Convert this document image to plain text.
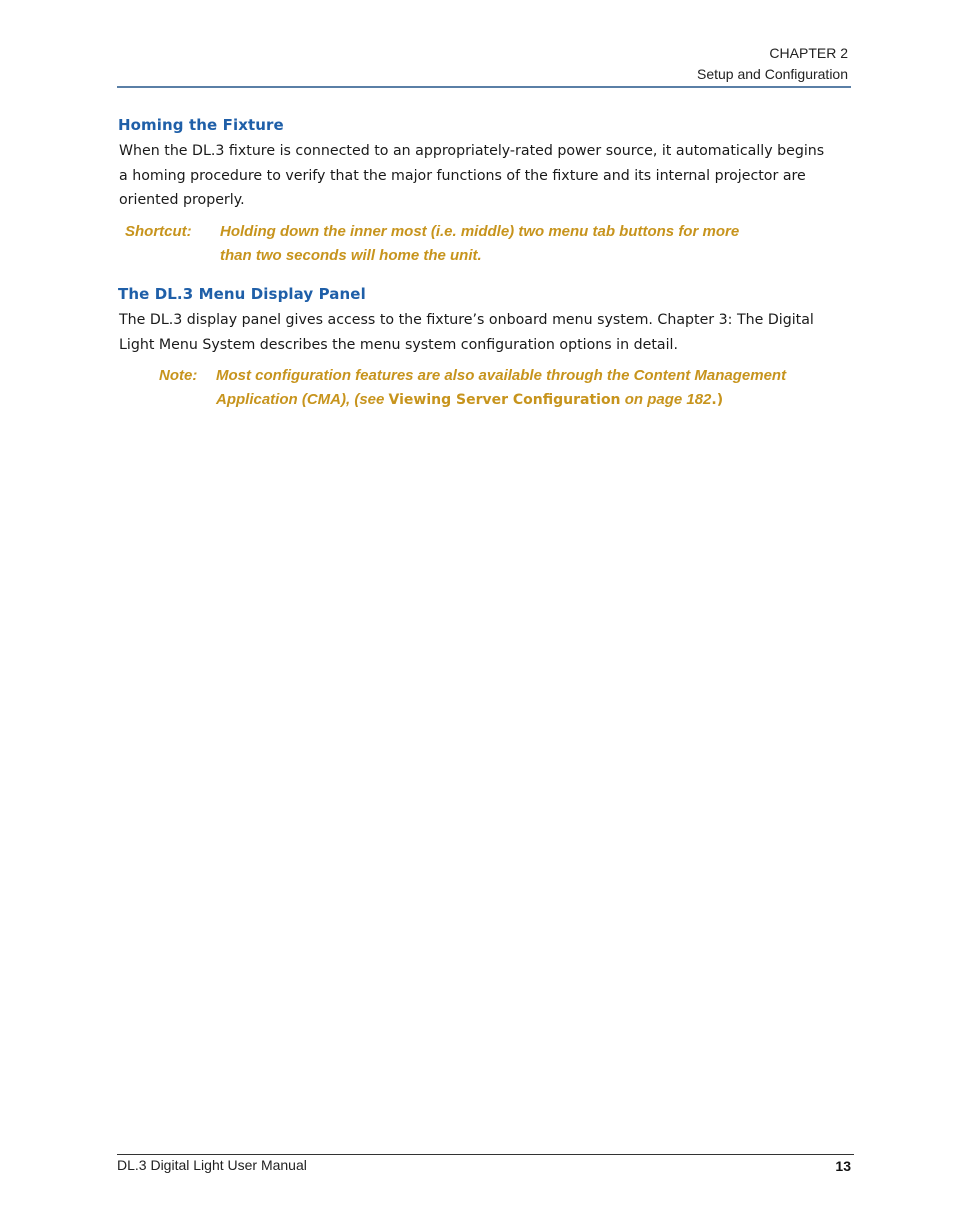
CHAPTER 2
Setup and Configuration
Homing the Fixture
When the DL.3 fixture is connected to an appropriately-rated power source, it automatically begins a homing procedure to verify that the major functions of the fixture and its internal projector are oriented properly.
Shortcut: Holding down the inner most (i.e. middle) two menu tab buttons for more than two seconds will home the unit.
The DL.3 Menu Display Panel
The DL.3 display panel gives access to the fixture’s onboard menu system. Chapter 3: The Digital Light Menu System describes the menu system configuration options in detail.
Note: Most configuration features are also available through the Content Management Application (CMA), (see Viewing Server Configuration on page 182.)
DL.3 Digital Light User Manual	13
